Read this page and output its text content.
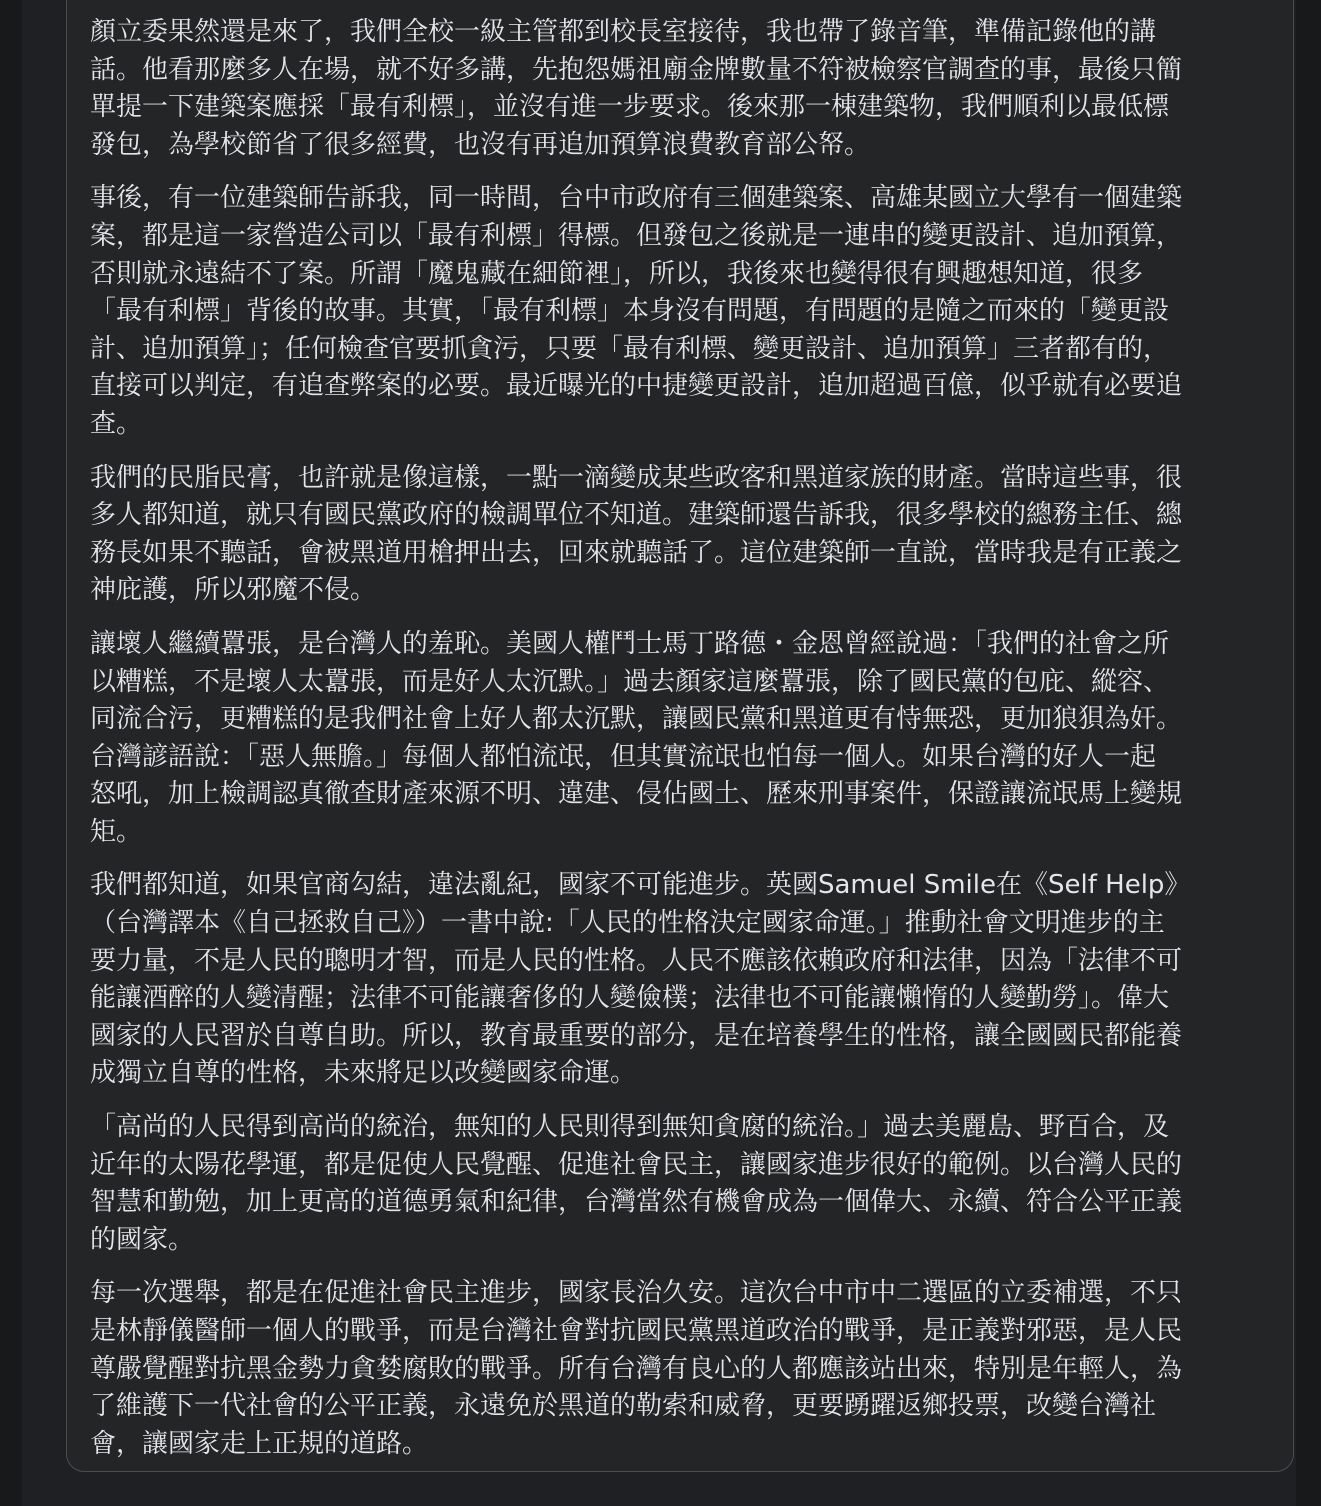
顏立委果然還是來了，我們全校一級主管都到校長室接待，我也帶了錄音筆，準備記錄他的講
話。他看那麼多人在場，就不好多講，先抱怨媽祖廟金牌數量不符被檢察官調查的事，最後只簡
單提一下建築案應採「最有利標」，並沒有進一步要求。後來那一棟建築物，我們順利以最低標
發包，為學校節省了很多經費，也沒有再追加預算浪費教育部公帑。

事後，有一位建築師告訴我，同一時間，台中市政府有三個建築案、高雄某國立大學有一個建築
案，都是這一家營造公司以「最有利標」得標。但發包之後就是一連串的變更設計、追加預算，
否則就永遠結不了案。所謂「魔鬼藏在細節裡」，所以，我後來也變得很有興趣想知道，很多
「最有利標」背後的故事。其實，「最有利標」本身沒有問題，有問題的是隨之而來的「變更設
計、追加預算」；任何檢查官要抓貪污，只要「最有利標、變更設計、追加預算」三者都有的，
直接可以判定，有追查弊案的必要。最近曝光的中捷變更設計，追加超過百億，似乎就有必要追
查。

我們的民脂民膏，也許就是像這樣，一點一滴變成某些政客和黑道家族的財產。當時這些事，很
多人都知道，就只有國民黨政府的檢調單位不知道。建築師還告訴我，很多學校的總務主任、總
務長如果不聽話，會被黑道用槍押出去，回來就聽話了。這位建築師一直說，當時我是有正義之
神庇護，所以邪魔不侵。

讓壞人繼續囂張，是台灣人的羞恥。美國人權鬥士馬丁路德・金恩曾經說過：「我們的社會之所
以糟糕，不是壞人太囂張，而是好人太沉默。」過去顏家這麼囂張，除了國民黨的包庇、縱容、
同流合污，更糟糕的是我們社會上好人都太沉默，讓國民黨和黑道更有恃無恐，更加狼狽為奸。
台灣諺語說：「惡人無膽。」每個人都怕流氓，但其實流氓也怕每一個人。如果台灣的好人一起
怒吼，加上檢調認真徹查財產來源不明、違建、侵佔國土、歷來刑事案件，保證讓流氓馬上變規
矩。

我們都知道，如果官商勾結，違法亂紀，國家不可能進步。英國Samuel Smile在《Self Help》
（台灣譯本《自己拯救自己》）一書中說:「人民的性格決定國家命運。」推動社會文明進步的主
要力量，不是人民的聰明才智，而是人民的性格。人民不應該依賴政府和法律，因為「法律不可
能讓酒醉的人變清醒；法律不可能讓奢侈的人變儉樸；法律也不可能讓懶惰的人變勤勞」。偉大
國家的人民習於自尊自助。所以，教育最重要的部分，是在培養學生的性格，讓全國國民都能養
成獨立自尊的性格，未來將足以改變國家命運。

「高尚的人民得到高尚的統治，無知的人民則得到無知貪腐的統治。」過去美麗島、野百合，及
近年的太陽花學運，都是促使人民覺醒、促進社會民主，讓國家進步很好的範例。以台灣人民的
智慧和勤勉，加上更高的道德勇氣和紀律，台灣當然有機會成為一個偉大、永續、符合公平正義
的國家。

每一次選舉，都是在促進社會民主進步，國家長治久安。這次台中市中二選區的立委補選，不只
是林靜儀醫師一個人的戰爭，而是台灣社會對抗國民黨黑道政治的戰爭，是正義對邪惡，是人民
尊嚴覺醒對抗黑金勢力貪婪腐敗的戰爭。所有台灣有良心的人都應該站出來，特別是年輕人，為
了維護下一代社會的公平正義，永遠免於黑道的勒索和威脅，更要踴躍返鄉投票，改變台灣社
會，讓國家走上正規的道路。
